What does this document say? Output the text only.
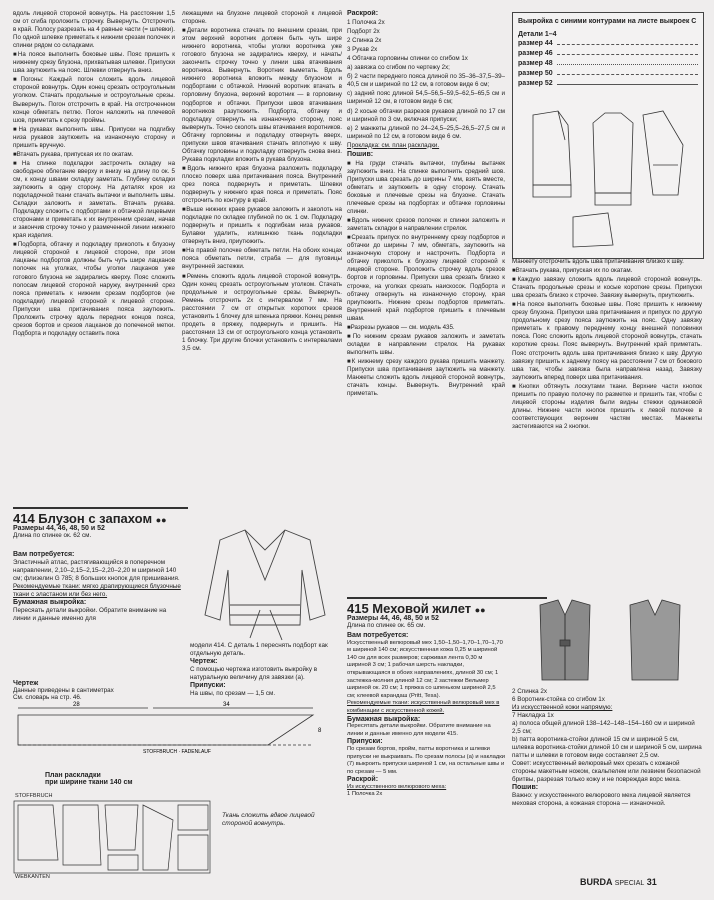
вдоль лицевой стороной вовнутрь. На расстоянии 1,5 см от сгиба проложить строчку. Вывернуть. Отстрочить в край. Полосу разрезать на 4 равные части (= шлевки). По одной шлевке приметать к нижним срезам полочек и спинки рядом со складками.

■ На поясе выполнить боковые швы. Пояс пришить к нижнему срезу блузона, прихватывая шлевки. Припуски шва заутюжить на пояс. Шлевки отвернуть вниз.

■ Погоны: Каждый погон сложить вдоль лицевой стороной вовнутрь. Один конец срезать остроугольным уголком. Стачать продольные и остроугольные срезы. Вывернуть. Погон отстрочить в край. На отстроченном конце обметать петлю. Погон наложить на плечевой шов, приметать к срезу проймы.

■ На рукавах выполнить швы. Припуски на подгибку низа рукавов заутюжить на изнаночную сторону и пришить вручную.

■ Втачать рукава, припуская их по окатам.

■ На спинке подкладки застрочить складку на свободное облегание вверху и внизу на длину по ок. 5 см, к концу швами складку заметать. Глубину складки заутюжить в одну сторону. На деталях кроя из подкладочной ткани стачать вытачки и выполнить швы. Складки заложить и заметать. Втачать рукава. Подкладку сложить с подбортами и обтачкой лицевыми сторонами и приметать к их внутренним срезам, начав и закончив строчку точно у размеченной линии нижнего края изделия.

■ Подборта, обтачку и подкладку приколоть к блузону лицевой стороной к лицевой стороне, при этом лацканы подбортов должны быть чуть шире лацканов полочек на уголках, чтобы уголки лацканов уже готового блузона не задирались кверху. Пояс сложить полосам лицевой стороной наружу, внутренний срез пояса приметать к нижним срезам подбортов (не подкладки) лицевой стороной к лицевой стороне. Припуски шва притачивания пояса заутюжить. Проложить строчку вдоль передних концов пояса, срезов бортов и срезов лацканов до попеченой метки. Подборта и подкладку оставить пока

лежащими на блузоне лицевой стороной к лицевой стороне.

■ Детали воротника стачать по внешним срезам, при этом верхний воротник должен быть чуть шире нижнего воротника, чтобы уголки воротника уже готового блузона не задирались кверху, и начать/закончить строчку точно у линии шва втачивания воротника. Вывернуть. Воротник выметать. Вдоль нижнего воротника вложить между блузоном и подбортами с обтачкой. Нижний воротник втачать в горловину блузона, верхний воротник — в горловину подбортов и обтачки. Припуски швов втачивания воротников разутюжить. Подборта, обтачку и подкладку отвернуть на изнаночную сторону, пояс вывернуть. Точно сколоть швы втачивания воротников. Обтачку горловины и подкладку отвернуть вверх, припуски швов втачивания стачать вплотную к шву. Обтачку горловины и подкладку отвернуть снова вниз. Рукава подкладки вложить в рукава блузона.

■ Вдоль нижнего края блузона разложить подкладку плоско поверх шва притачивания пояса. Внутренний срез пояса подвернуть и приметать. Шлевки подвернуть у нижнего края пояса и приметать. Пояс отстрочить по контуру в край.

■ Выше нижних краев рукавов заложить и заколоть на подкладке по складке глубиной по ок. 1 см. Подкладку подвернуть и пришить к подгибкам низа рукавов. Булавки удалить, излишнюю ткань подкладки отвернуть вниз, приутюжить.

■ На правой полочке обметать петли. На обоих концах пояса обметать петли, страба — для пуговицы внутренней застежки.

■ Ремень сложить вдоль лицевой стороной вовнутрь. Один конец срезать остроугольным уголком. Стачать продольные и остроугольные срезы. Вывернуть. Ремень отстрочить 2х с интервалом 7 мм. На расстоянии 7 см от открытых коротких срезов установить 1 блочку для шпенька пряжки. Конец ремня продеть в пряжку, подвернуть и пришить. На расстоянии 13 см от остроугольного конца установить 1 блочку. Три другие блочки установить с интервалами 3,5 см.

Раскрой:

1 Полочка 2х

Подборт 2х

2 Спинка 2х

3 Рукав 2х

4 Обтачка горловины спинки со сгибом 1х

а) завязка со сгибом по чертежу 2х;

б) 2 части переднего пояса длиной по 35–36–37,5–39–40,5 см и шириной по 12 см, в готовом виде 6 см;

с) задний пояс длиной 54,5–56,5–59,5–62,5–65,5 см и шириной 12 см, в готовом виде 6 см;

d) 2 косые обтачки разрезов рукавов длиной по 17 см и шириной по 3 см, включая припуски;

е) 2 манжеты длиной по 24–24,5–25,5–26,5–27,5 см и шириной по 12 см, в готовом виде 6 см.

Прокладка: см. план раскладки.

Пошив:

■ На груди стачать вытачки, глубины вытачек заутюжить вниз. На спинке выполнить средний шов. Припуски шва срезать до ширины 7 мм, взять вместе, обметать и заутюжить в одну сторону. Стачать боковые и плечевые срезы на блузоне. Стачать плечевые срезы на подбортах и обтачке горловины спинки.

■ Вдоль нижних срезов полочек и спинки заложить и заметать складки в направлении стрелок.

■ Срезать припуск по внутреннему срезу подбортов и обтачки до ширины 7 мм, обметать, заутюжить на изнаночную сторону и настрочить. Подборта и обтачку приколоть к блузону лицевой стороной к лицевой стороне. Проложить строчку вдоль срезов бортов и горловины. Припуски шва срезать близко к строчке, на уголках срезать наискосок. Подборта и обтачку отвернуть на изнаночную сторону, края приутюжить. Нижние срезы подбортов приметать. Внутренний край подбортов пришить к плечевым швам.

■ Разрезы рукавов — см. модель 435.

■ По нижним срезам рукавов заложить и заметать складки в направлении стрелок. На рукавах выполнить швы.

■ К нижнему срезу каждого рукава пришить манжету. Припуски шва притачивания заутюжить на манжету. Манжеты сложить вдоль лицевой стороной вовнутрь, стачать концы. Вывернуть. Внутренний край приметать.

Выкройка с синими контурами на листе выкроек C
Детали 1–4
размер 44
размер 46
размер 48
размер 50
размер 52

Манжету отстрочить вдоль шва притачивания близко к шву.

■ Втачать рукава, припуская их по окатам.

■ Каждую завязку сложить вдоль лицевой стороной вовнутрь. Стачать продольные срезы и косые короткие срезы. Припуски шва срезать близко к строчке. Завязку вывернуть, приутюжить.

■ На поясе выполнить боковые швы. Пояс пришить к нижнему срезу блузона. Припуски шва притачивания и припуск по другую продольному срезу пояса заутюжить на пояс. Одну завязку приметать к правому переднему концу внешней половинки пояса. Пояс сложить вдоль лицевой стороной вовнутрь, стачать короткие срезы. Пояс вывернуть. Внутренний край приметать. Пояс отстрочить вдоль шва притачивания близко к шву. Другую завязку пришить к заднему поясу на расстоянии 7 см от бокового шва так, чтобы завязка была направлена назад. Завязку заутюжить вперед поверх шва притачивания.

■ Кнопки обтянуть лоскутами ткани. Верхние части кнопок пришить по правую полочку по разметке и пришить так, чтобы с лицевой стороны изделия были видны стежки одинаковой длины. Нижние части кнопок пришить к левой полочке в соответствующих верхним частям местах. Манжеты застегиваются на 2 кнопки.

414 Блузон с запахом ●●
Размеры 44, 46, 48, 50 и 52
Длина по спинке ок. 62 см.
Вам потребуется:
Эластичный атлас, растягивающийся в поперечном направлении, 2,10–2,15–2,15–2,20–2,20 м шириной 140 см; флизелин G 785; 8 больших кнопок для пришивания.
Рекомендуемые ткани: мягко драпирующиеся блузочные ткани с эластаном или без него.
Бумажная выкройка:
Пересяать детали выкройки. Обратите внимание на линии и данные именно для
модели 414. С деталь 1 переснять подборт как отдельную деталь.
Чертеж:
С помощью чертежа изготовить выкройку в натуральную величину для завязки (а).
Припуски:
На швы, по срезам — 1,5 см.
Чертеж
Данные приведены в сантиметрах
См. словарь на стр. 46.
28	34
8
STOFFBRUCH · FADENLAUF
План раскладки
при ширине ткани 140 см
STOFFBRUCH
WEBKANTEN
Ткань сложить вдвое лицевой стороной вовнутрь.
415 Меховой жилет ●●
Размеры 44, 46, 48, 50 и 52
Длина по спинке ок. 65 см.
Вам потребуется:
Искусственный велюровый мех 1,50–1,50–1,70–1,70–1,70 м шириной 140 см; искусственная кожа 0,25 м шириной 140 см для всех размеров; сарживая лента 0,30 м шириной 3 см; 1 рабочая шерсть накладки, открывающаяся в обоих направлениях, длиной 30 см; 1 застежка-молния длиной 12 см; 2 застежки Вельмер шириной ок. 20 см; 1 пряжка со шпеньком шириной 2,5 см; клеевой карандаш (Pritt, Tesa).
Рекомендуемые ткани: искусственный велюровый мех в комбинации с искусственной кожей.
Бумажная выкройка:
Пересятать детали выкройки. Обратите внимание на линии и данные именно для модели 415.
Припуски:
По срезам бортов, пройм, патты воротника и шлевки припуски не выкраивать. По срезам полосы (а) и накладки (7) выкроить припуски шириной 1 см, на остальные швы и по срезам — 5 мм.
Раскрой:
Из искусственного велюрового меха:
1 Полочка 2х
2 Спинка 2х
6 Воротник-стойка со сгибом 1х
Из искусственной кожи напрямую:
7 Накладка 1х
а) полоса общей длиной 138–142–148–154–160 см и шириной 2,5 см;
b) патта воротника-стойки длиной 15 см и шириной 5 см, шлевка воротника-стойки длиной 10 см и шириной 5 см, ширина патты и шлевки в готовом виде составляет 2,5 см.
Совет: искусственный велюровый мех срезать с кожаной стороны макетным ножом, скальпелем или лезвием безопасной бритвы, разрезая только кожу и не повреждая ворс меха.
Пошив:
Важно: у искусственного велюрового меха лицевой является меховая сторона, а кожаная сторона — изнаночной.
BURDA SPECIAL 31
